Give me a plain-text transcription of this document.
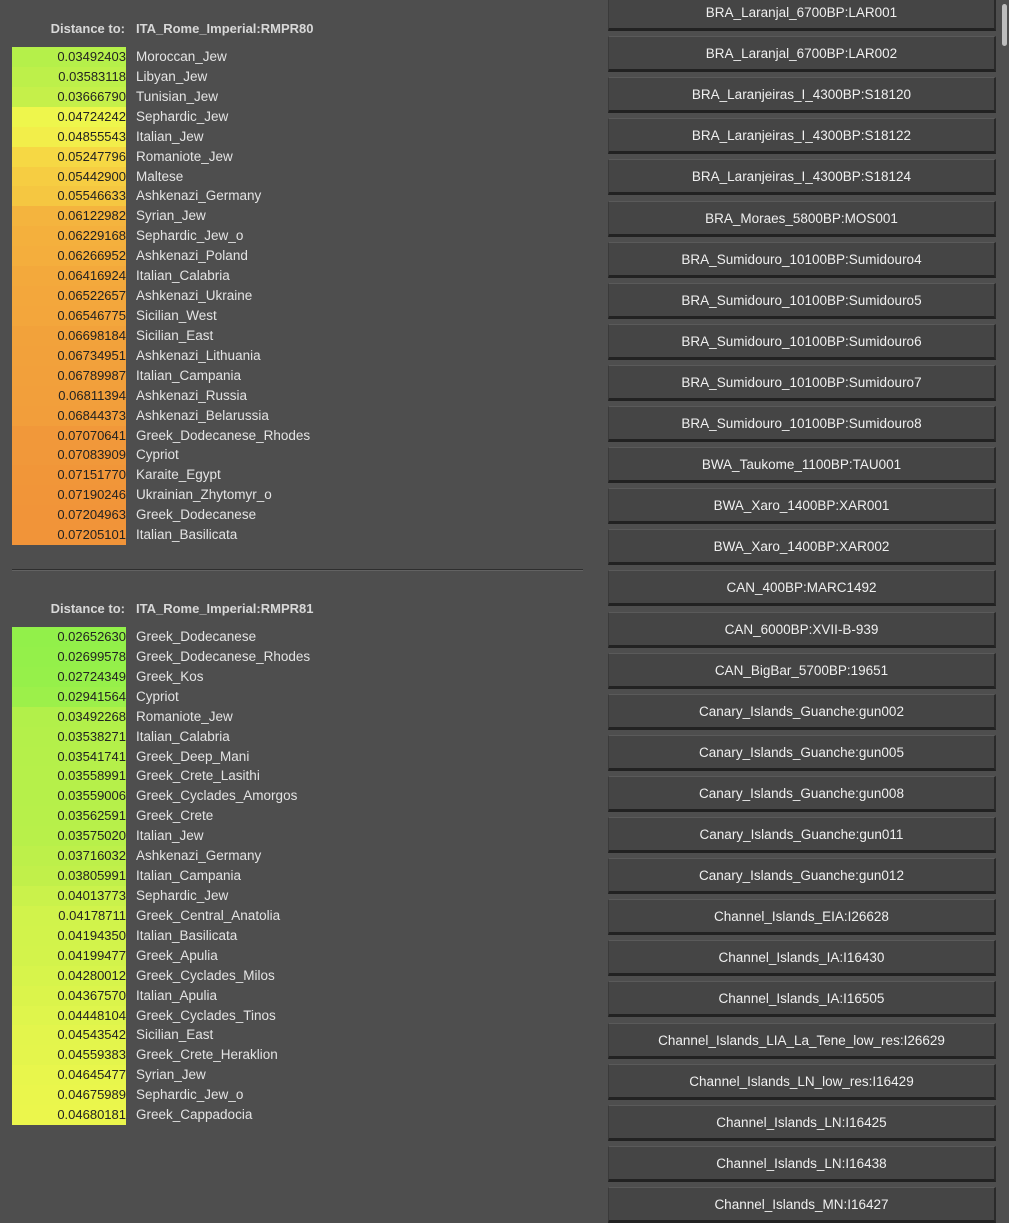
Distance to: ITA_Rome_Imperial:RMPR80
0.03492403 Moroccan_Jew
0.03583118 Libyan_Jew
0.03666790 Tunisian_Jew
0.04724242 Sephardic_Jew
0.04855543 Italian_Jew
0.05247796 Romaniote_Jew
0.05442900 Maltese
0.05546633 Ashkenazi_Germany
0.06122982 Syrian_Jew
0.06229168 Sephardic_Jew_o
0.06266952 Ashkenazi_Poland
0.06416924 Italian_Calabria
0.06522657 Ashkenazi_Ukraine
0.06546775 Sicilian_West
0.06698184 Sicilian_East
0.06734951 Ashkenazi_Lithuania
0.06789987 Italian_Campania
0.06811394 Ashkenazi_Russia
0.06844373 Ashkenazi_Belarussia
0.07070641 Greek_Dodecanese_Rhodes
0.07083909 Cypriot
0.07151770 Karaite_Egypt
0.07190246 Ukrainian_Zhytomyr_o
0.07204963 Greek_Dodecanese
0.07205101 Italian_Basilicata
Distance to: ITA_Rome_Imperial:RMPR81
0.02652630 Greek_Dodecanese
0.02699578 Greek_Dodecanese_Rhodes
0.02724349 Greek_Kos
0.02941564 Cypriot
0.03492268 Romaniote_Jew
0.03538271 Italian_Calabria
0.03541741 Greek_Deep_Mani
0.03558991 Greek_Crete_Lasithi
0.03559006 Greek_Cyclades_Amorgos
0.03562591 Greek_Crete
0.03575020 Italian_Jew
0.03716032 Ashkenazi_Germany
0.03805991 Italian_Campania
0.04013773 Sephardic_Jew
0.04178711 Greek_Central_Anatolia
0.04194350 Italian_Basilicata
0.04199477 Greek_Apulia
0.04280012 Greek_Cyclades_Milos
0.04367570 Italian_Apulia
0.04448104 Greek_Cyclades_Tinos
0.04543542 Sicilian_East
0.04559383 Greek_Crete_Heraklion
0.04645477 Syrian_Jew
0.04675989 Sephardic_Jew_o
0.04680181 Greek_Cappadocia
BRA_Laranjal_6700BP:LAR001
BRA_Laranjal_6700BP:LAR002
BRA_Laranjeiras_I_4300BP:S18120
BRA_Laranjeiras_I_4300BP:S18122
BRA_Laranjeiras_I_4300BP:S18124
BRA_Moraes_5800BP:MOS001
BRA_Sumidouro_10100BP:Sumidouro4
BRA_Sumidouro_10100BP:Sumidouro5
BRA_Sumidouro_10100BP:Sumidouro6
BRA_Sumidouro_10100BP:Sumidouro7
BRA_Sumidouro_10100BP:Sumidouro8
BWA_Taukome_1100BP:TAU001
BWA_Xaro_1400BP:XAR001
BWA_Xaro_1400BP:XAR002
CAN_400BP:MARC1492
CAN_6000BP:XVII-B-939
CAN_BigBar_5700BP:19651
Canary_Islands_Guanche:gun002
Canary_Islands_Guanche:gun005
Canary_Islands_Guanche:gun008
Canary_Islands_Guanche:gun011
Canary_Islands_Guanche:gun012
Channel_Islands_EIA:I26628
Channel_Islands_IA:I16430
Channel_Islands_IA:I16505
Channel_Islands_LIA_La_Tene_low_res:I26629
Channel_Islands_LN_low_res:I16429
Channel_Islands_LN:I16425
Channel_Islands_LN:I16438
Channel_Islands_MN:I16427
